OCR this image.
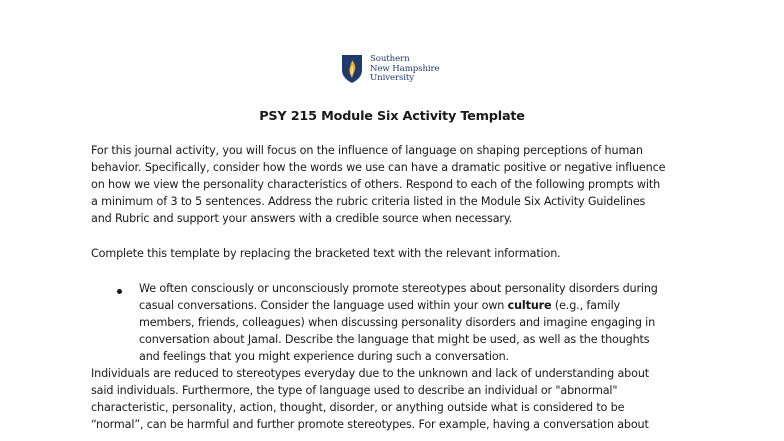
Southern
New Hampshire
University
PSY 215 Module Six Activity Template
For this journal activity, you will focus on the influence of language on shaping perceptions of human
behavior. Specifically, consider how the words we use can have a dramatic positive or negative influence
on how we view the personality characteristics of others. Respond to each of the following prompts with
a minimum of 3 to 5 sentences. Address the rubric criteria listed in the Module Six Activity Guidelines
and Rubric and support your answers with a credible source when necessary.
Complete this template by replacing the bracketed text with the relevant information.
We often consciously or unconsciously promote stereotypes about personality disorders during
casual conversations. Consider the language used within your own culture (e.g., family
members, friends, colleagues) when discussing personality disorders and imagine engaging in
conversation about Jamal. Describe the language that might be used, as well as the thoughts
and feelings that you might experience during such a conversation.
Individuals are reduced to stereotypes everyday due to the unknown and lack of understanding about
said individuals. Furthermore, the type of language used to describe an individual or "abnormal"
characteristic, personality, action, thought, disorder, or anything outside what is considered to be
“normal”, can be harmful and further promote stereotypes. For example, having a conversation about
